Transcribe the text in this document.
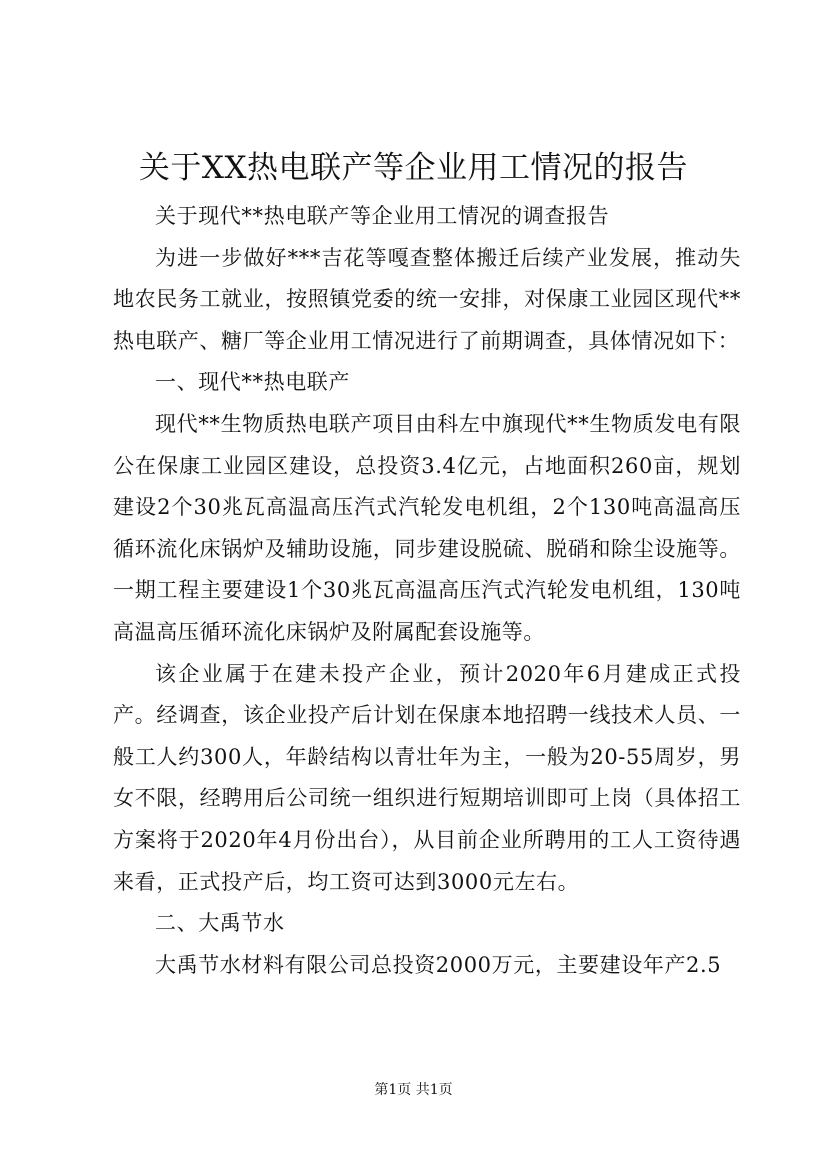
关于XX热电联产等企业用工情况的报告

关于现代**热电联产等企业用工情况的调查报告

为进一步做好***吉花等嘎查整体搬迁后续产业发展，推动失地农民务工就业，按照镇党委的统一安排，对保康工业园区现代**热电联产、糖厂等企业用工情况进行了前期调查，具体情况如下：

一、现代**热电联产

现代**生物质热电联产项目由科左中旗现代**生物质发电有限公在保康工业园区建设，总投资3.4亿元，占地面积260亩，规划建设2个30兆瓦高温高压汽式汽轮发电机组，2个130吨高温高压循环流化床锅炉及辅助设施，同步建设脱硫、脱硝和除尘设施等。一期工程主要建设1个30兆瓦高温高压汽式汽轮发电机组，130吨高温高压循环流化床锅炉及附属配套设施等。

该企业属于在建未投产企业，预计2020年6月建成正式投产。经调查，该企业投产后计划在保康本地招聘一线技术人员、一般工人约300人，年龄结构以青壮年为主，一般为20-55周岁，男女不限，经聘用后公司统一组织进行短期培训即可上岗（具体招工方案将于2020年4月份出台），从目前企业所聘用的工人工资待遇来看，正式投产后，均工资可达到3000元左右。

二、大禹节水

大禹节水材料有限公司总投资2000万元，主要建设年产2.5

第1页 共1页
